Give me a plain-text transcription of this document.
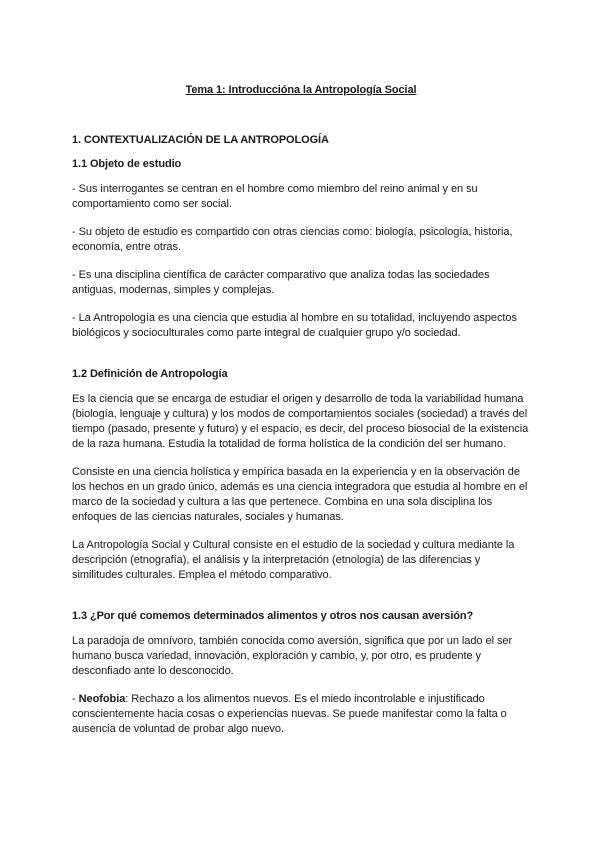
Tema 1: Introduccióna la Antropología Social
1. CONTEXTUALIZACIÓN DE LA ANTROPOLOGÍA
1.1 Objeto de estudio

- Sus interrogantes se centran en el hombre como miembro del reino animal y en su comportamiento como ser social.

- Su objeto de estudio es compartido con otras ciencias como: biología, psicología, historia, economía, entre otras.

- Es una disciplina científica de carácter comparativo que analiza todas las sociedades antiguas, modernas, simples y complejas.

- La Antropología es una ciencia que estudia al hombre en su totalidad, incluyendo aspectos biológicos y socioculturales como parte integral de cualquier grupo y/o sociedad.

1.2 Definición de Antropología

Es la ciencia que se encarga de estudiar el origen y desarrollo de toda la variabilidad humana (biología, lenguaje y cultura) y los modos de comportamientos sociales (sociedad) a través del tiempo (pasado, presente y futuro) y el espacio, es decir, del proceso biosocial de la existencia de la raza humana. Estudia la totalidad de forma holística de la condición del ser humano.

Consiste en una ciencia holística y empírica basada en la experiencia y en la observación de los hechos en un grado único, además es una ciencia integradora que estudia al hombre en el marco de la sociedad y cultura a las que pertenece. Combina en una sola disciplina los enfoques de las ciencias naturales, sociales y humanas.

La Antropología Social y Cultural consiste en el estudio de la sociedad y cultura mediante la descripción (etnografía), el análisis y la interpretación (etnología) de las diferencias y similitudes culturales. Emplea el método comparativo.

1.3 ¿Por qué comemos determinados alimentos y otros nos causan aversión?

La paradoja de omnívoro, también conocida como aversión, significa que por un lado el ser humano busca variedad, innovación, exploración y cambio, y, por otro, es prudente y desconfiado ante lo desconocido.

- Neofobia: Rechazo a los alimentos nuevos. Es el miedo incontrolable e injustificado conscientemente hacia cosas o experiencias nuevas. Se puede manifestar como la falta o ausencia de voluntad de probar algo nuevo.
